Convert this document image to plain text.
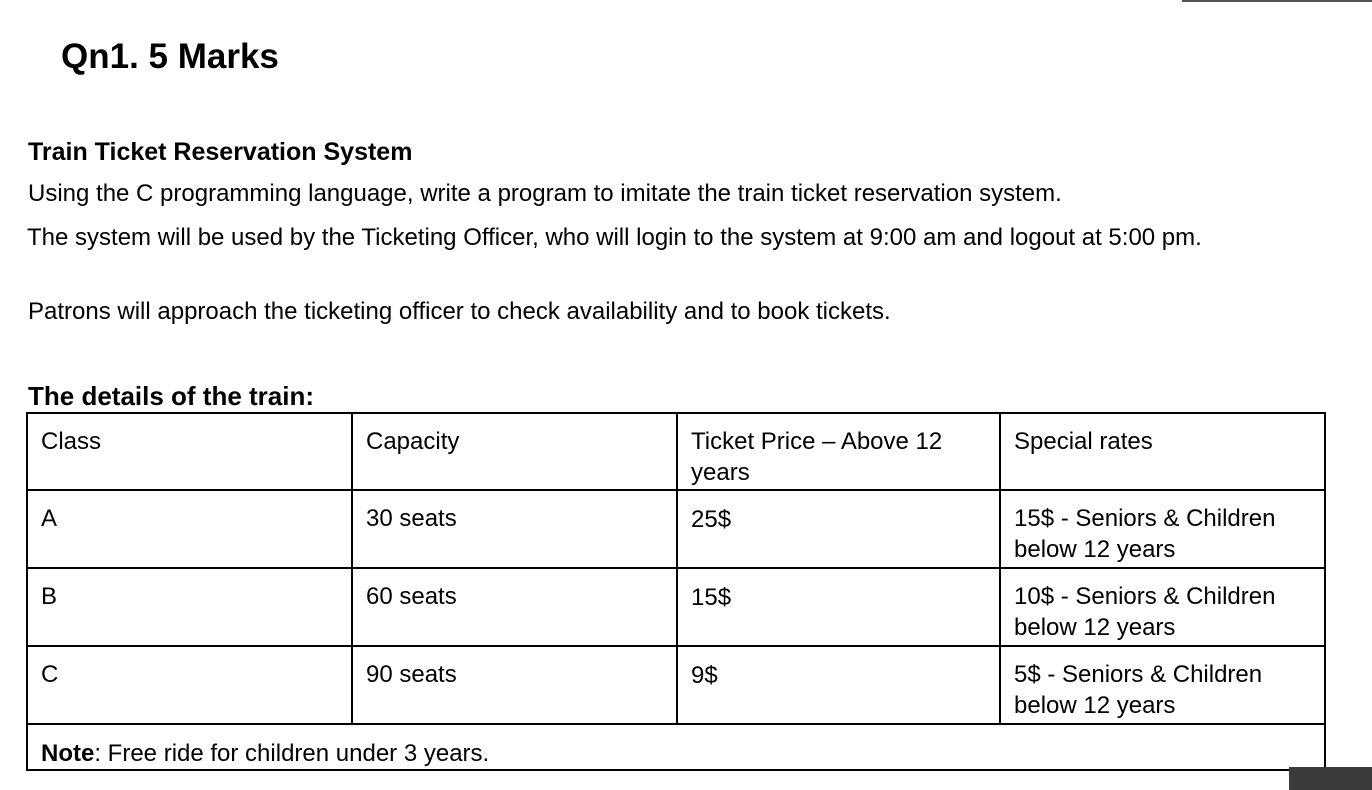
Qn1. 5 Marks
Train Ticket Reservation System

Using the C programming language, write a program to imitate the train ticket reservation system.

The system will be used by the Ticketing Officer, who will login to the system at 9:00 am and logout at 5:00 pm.

Patrons will approach the ticketing officer to check availability and to book tickets.

The details of the train:
Class	Capacity	Ticket Price – Above 12 years	Special rates
A	30 seats	25$	15$ - Seniors & Children below 12 years
B	60 seats	15$	10$ - Seniors & Children below 12 years
C	90 seats	9$	5$ - Seniors & Children below 12 years
Note: Free ride for children under 3 years.			
